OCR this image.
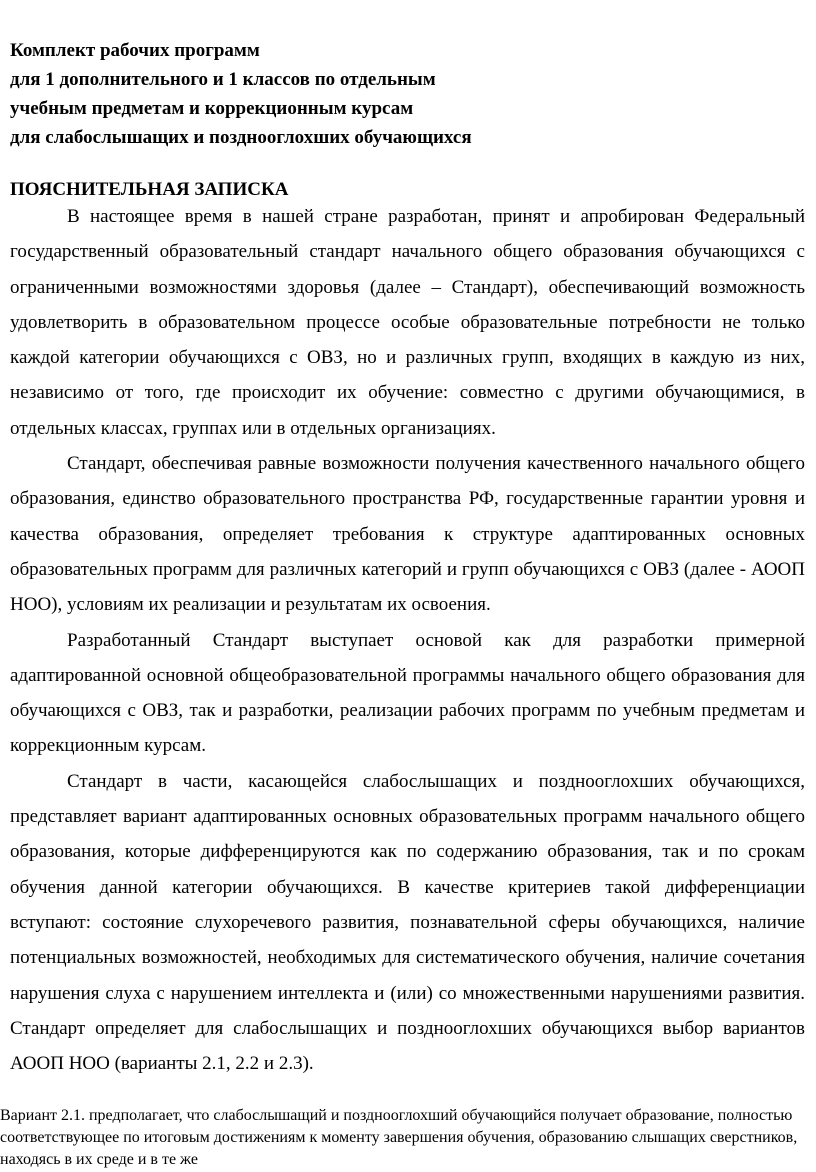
Комплект рабочих программ
для 1 дополнительного и 1 классов по отдельным
учебным предметам и коррекционным курсам
для слабослышащих и позднооглохших обучающихся
ПОЯСНИТЕЛЬНАЯ ЗАПИСКА

В настоящее время в нашей стране разработан, принят и апробирован Федеральный государственный образовательный стандарт начального общего образования обучающихся с ограниченными возможностями здоровья (далее – Стандарт), обеспечивающий возможность удовлетворить в образовательном процессе особые образовательные потребности не только каждой категории обучающихся с ОВЗ, но и различных групп, входящих в каждую из них, независимо от того, где происходит их обучение: совместно с другими обучающимися, в отдельных классах, группах или в отдельных организациях.

Стандарт, обеспечивая равные возможности получения качественного начального общего образования, единство образовательного пространства РФ, государственные гарантии уровня и качества образования, определяет требования к структуре адаптированных основных образовательных программ для различных категорий и групп обучающихся с ОВЗ (далее - АООП НОО), условиям их реализации и результатам их освоения.

Разработанный Стандарт выступает основой как для разработки примерной адаптированной основной общеобразовательной программы начального общего образования для обучающихся с ОВЗ, так и разработки, реализации рабочих программ по учебным предметам и коррекционным курсам.

Стандарт в части, касающейся слабослышащих и позднооглохших обучающихся, представляет вариант адаптированных основных образовательных программ начального общего образования, которые дифференцируются как по содержанию образования, так и по срокам обучения данной категории обучающихся. В качестве критериев такой дифференциации вступают: состояние слухоречевого развития, познавательной сферы обучающихся, наличие потенциальных возможностей, необходимых для систематического обучения, наличие сочетания нарушения слуха с нарушением интеллекта и (или) со множественными нарушениями развития. Стандарт определяет для слабослышащих и позднооглохших обучающихся выбор вариантов АООП НОО (варианты 2.1, 2.2 и 2.3).

Вариант 2.1. предполагает, что слабослышащий и позднооглохший обучающийся получает образование, полностью соответствующее по итоговым достижениям к моменту завершения обучения, образованию слышащих сверстников, находясь в их среде и в те же
